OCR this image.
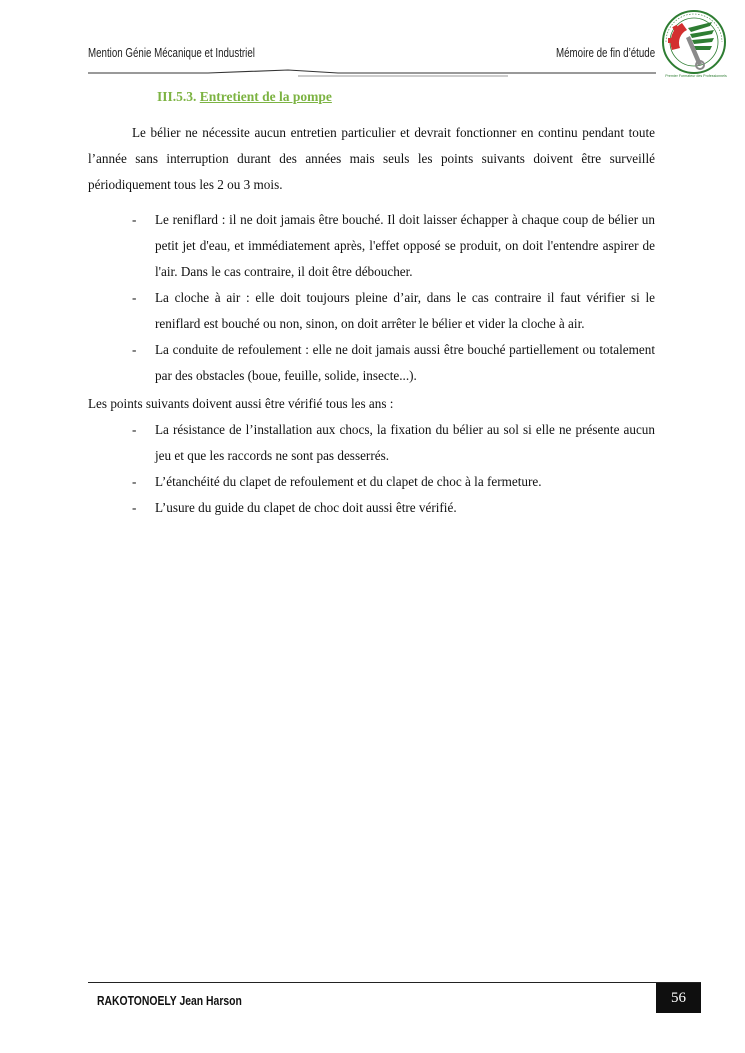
Mention Génie Mécanique et Industriel	Mémoire de fin d’étude
Premier Formateur des Professionnels
III.5.3. Entretient de la pompe

Le bélier ne nécessite aucun entretien particulier et devrait fonctionner en continu pendant toute l’année sans interruption durant des années mais seuls les points suivants doivent être surveillé périodiquement tous les 2 ou 3 mois.

- Le reniflard : il ne doit jamais être bouché. Il doit laisser échapper à chaque coup de bélier un petit jet d'eau, et immédiatement après, l'effet opposé se produit, on doit l'entendre aspirer de l'air. Dans le cas contraire, il doit être déboucher.
- La cloche à air : elle doit toujours pleine d’air, dans le cas contraire il faut vérifier si le reniflard est bouché ou non, sinon, on doit arrêter le bélier et vider la cloche à air.
- La conduite de refoulement : elle ne doit jamais aussi être bouché partiellement ou totalement par des obstacles (boue, feuille, solide, insecte...).

Les points suivants doivent aussi être vérifié tous les ans :

- La résistance de l’installation aux chocs, la fixation du bélier au sol si elle ne présente aucun jeu et que les raccords ne sont pas desserrés.
- L’étanchéité du clapet de refoulement et du clapet de choc à la fermeture.
- L’usure du guide du clapet de choc doit aussi être vérifié.
RAKOTONOELY Jean Harson	56
